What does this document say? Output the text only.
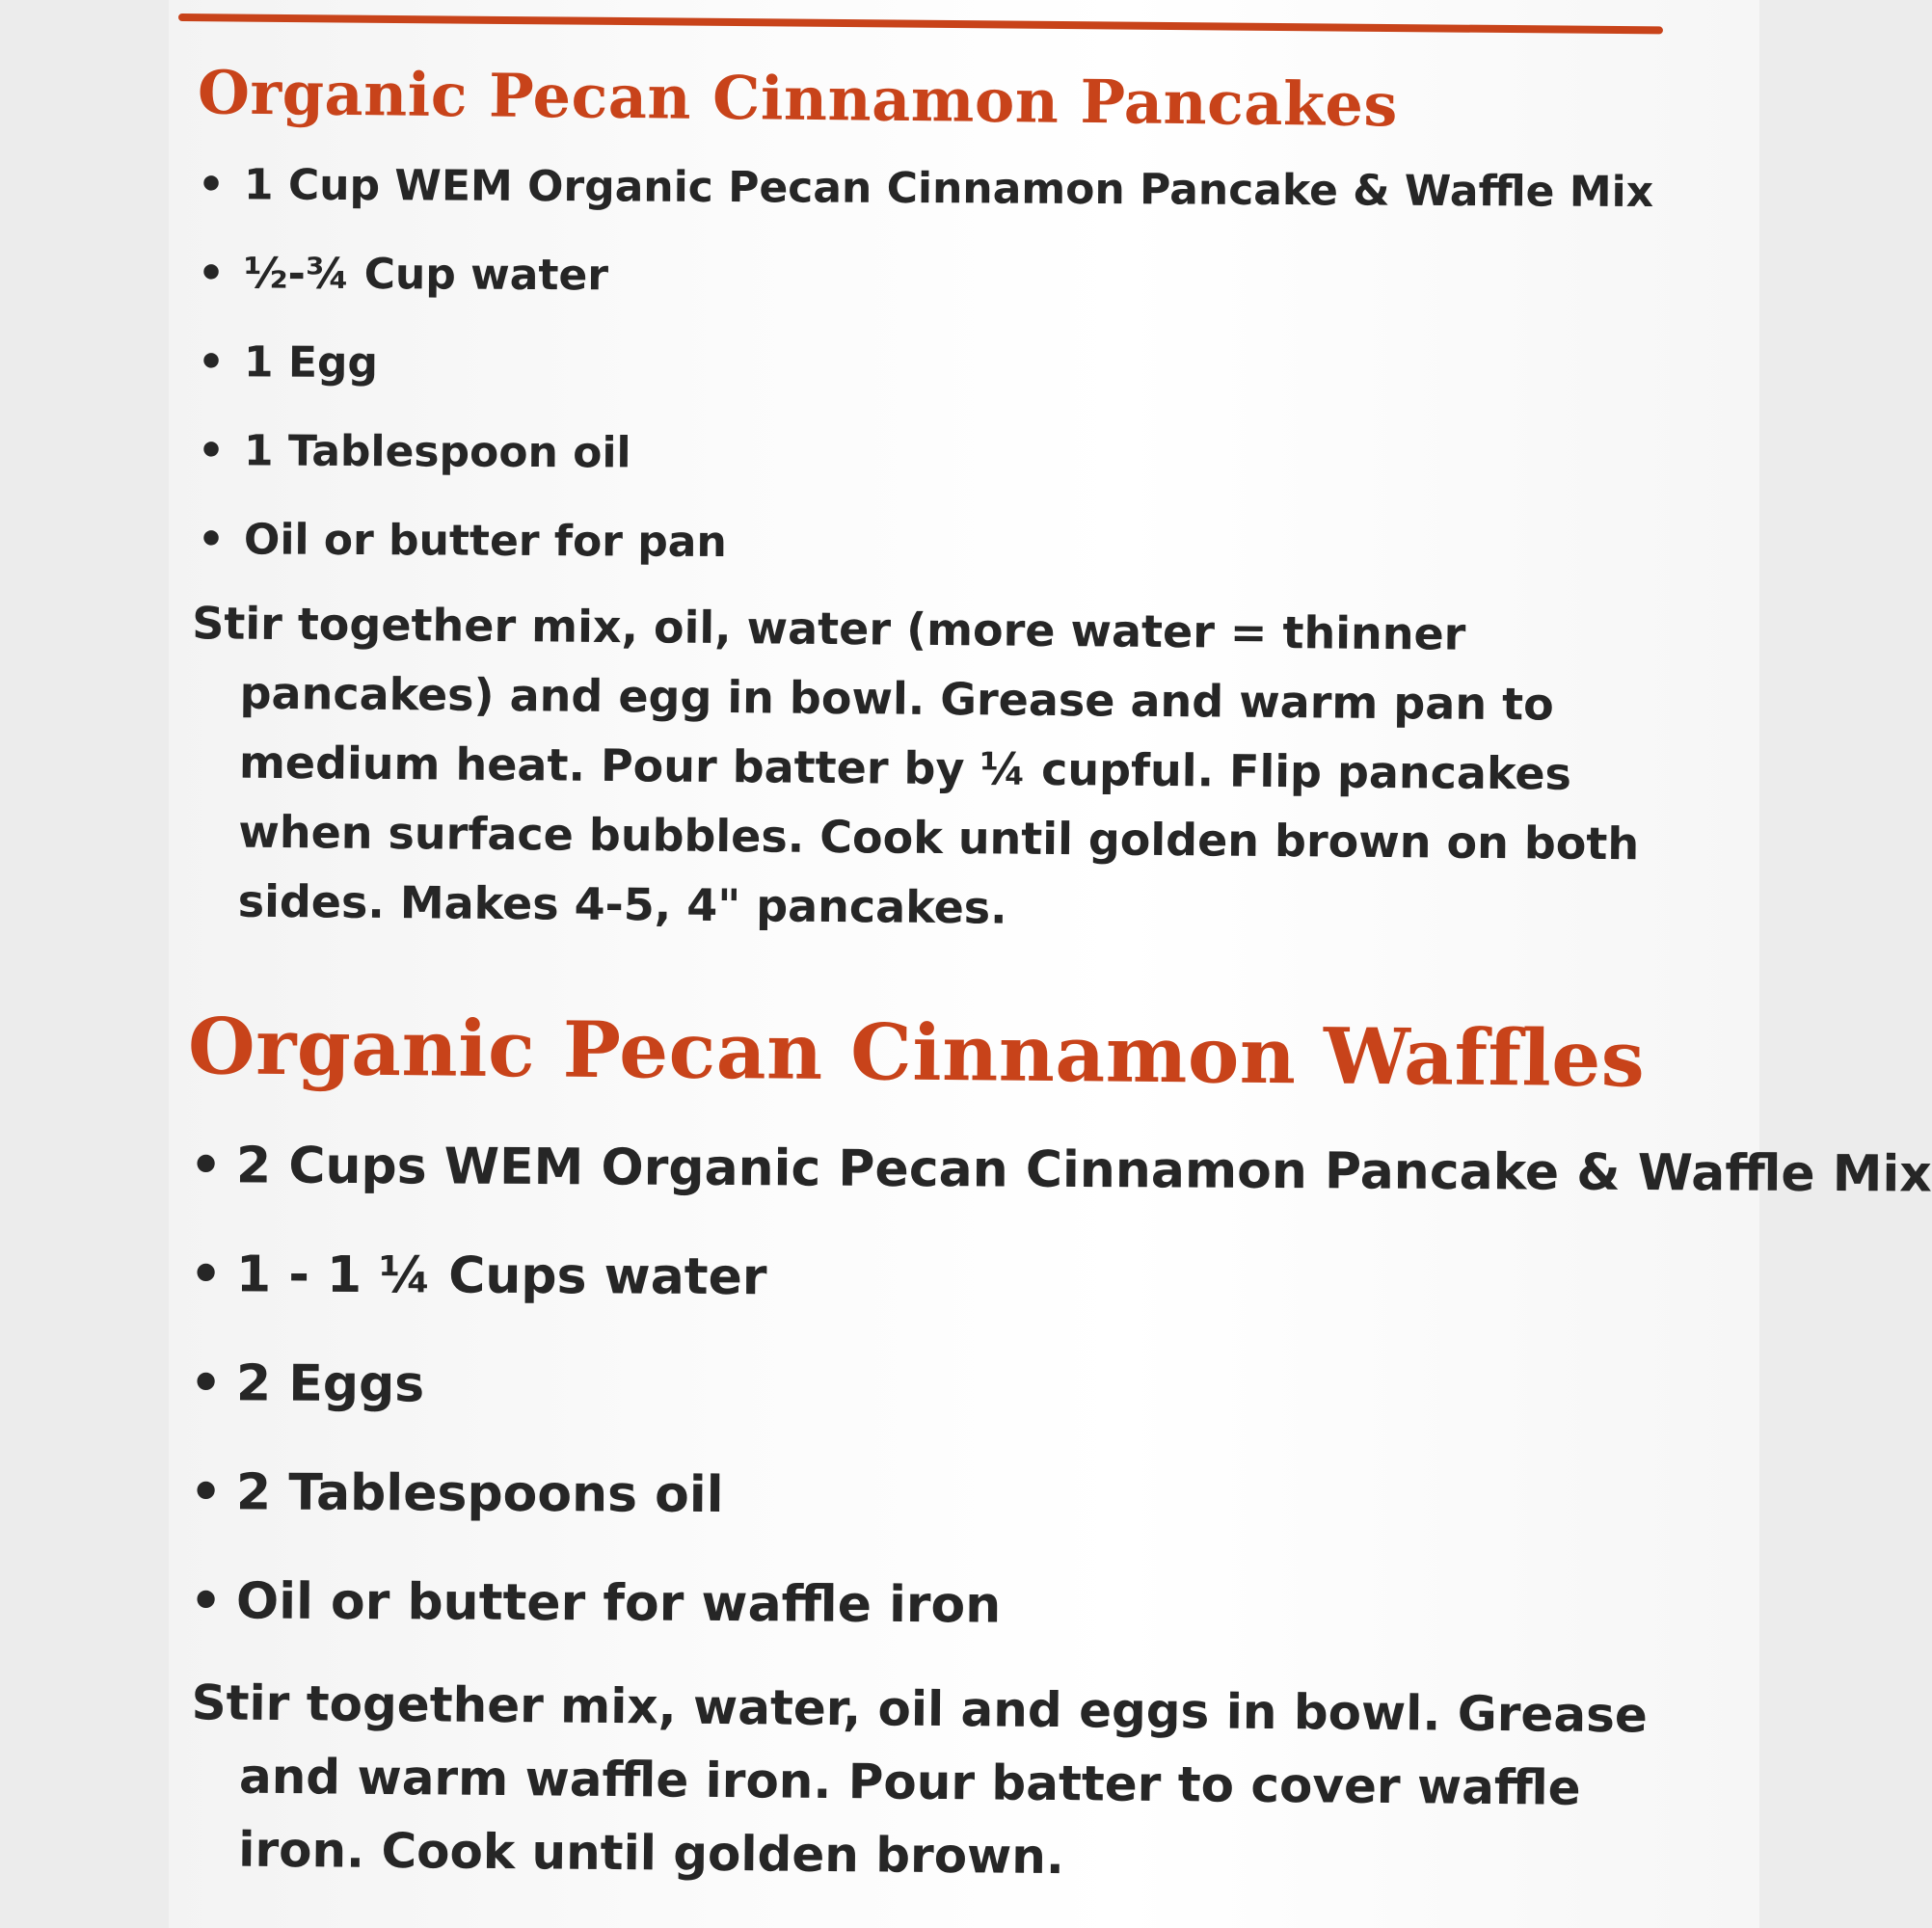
Organic Pecan Cinnamon Pancakes
• 1 Cup WEM Organic Pecan Cinnamon Pancake & Waffle Mix
• ½-¾ Cup water
• 1 Egg
• 1 Tablespoon oil
• Oil or butter for pan

Stir together mix, oil, water (more water = thinner pancakes) and egg in bowl. Grease and warm pan to medium heat. Pour batter by ¼ cupful. Flip pancakes when surface bubbles. Cook until golden brown on both sides. Makes 4-5, 4" pancakes.

Organic Pecan Cinnamon Waffles
• 2 Cups WEM Organic Pecan Cinnamon Pancake & Waffle Mix
• 1 - 1 ¼ Cups water
• 2 Eggs
• 2 Tablespoons oil
• Oil or butter for waffle iron

Stir together mix, water, oil and eggs in bowl. Grease and warm waffle iron. Pour batter to cover waffle iron. Cook until golden brown.
